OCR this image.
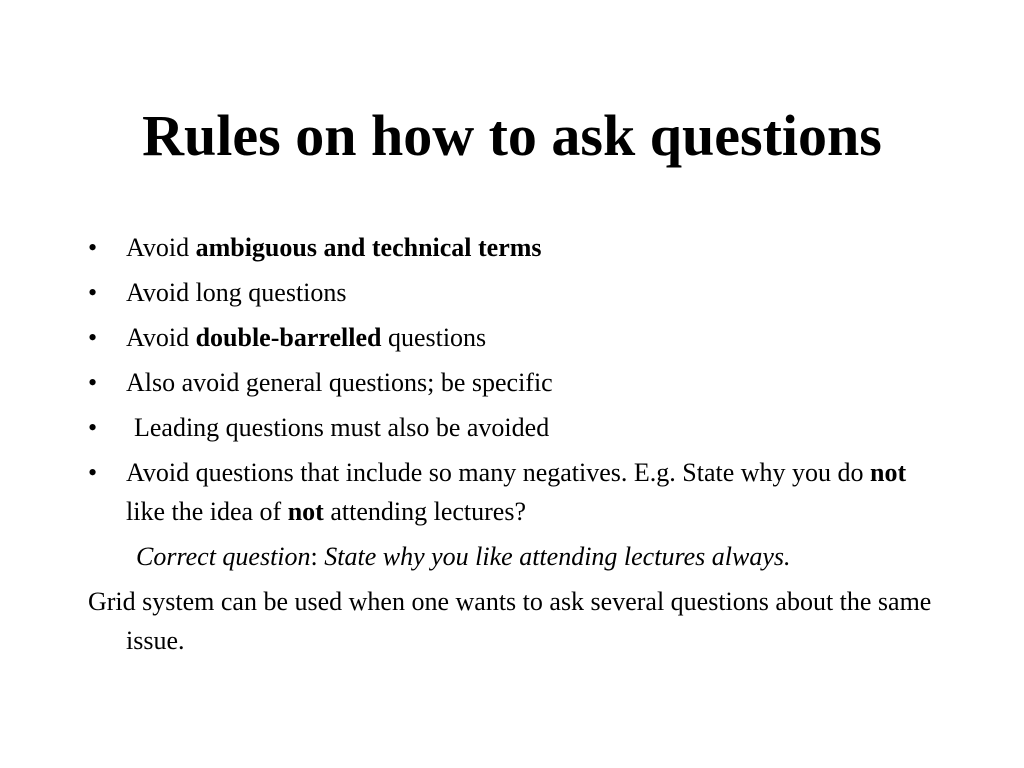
Rules on how to ask questions
• Avoid ambiguous and technical terms
• Avoid long questions
• Avoid double-barrelled questions
• Also avoid general questions; be specific
• Leading questions must also be avoided
• Avoid questions that include so many negatives. E.g. State why you do not like the idea of not attending lectures?
Correct question: State why you like attending lectures always.

Grid system can be used when one wants to ask several questions about the same issue.
